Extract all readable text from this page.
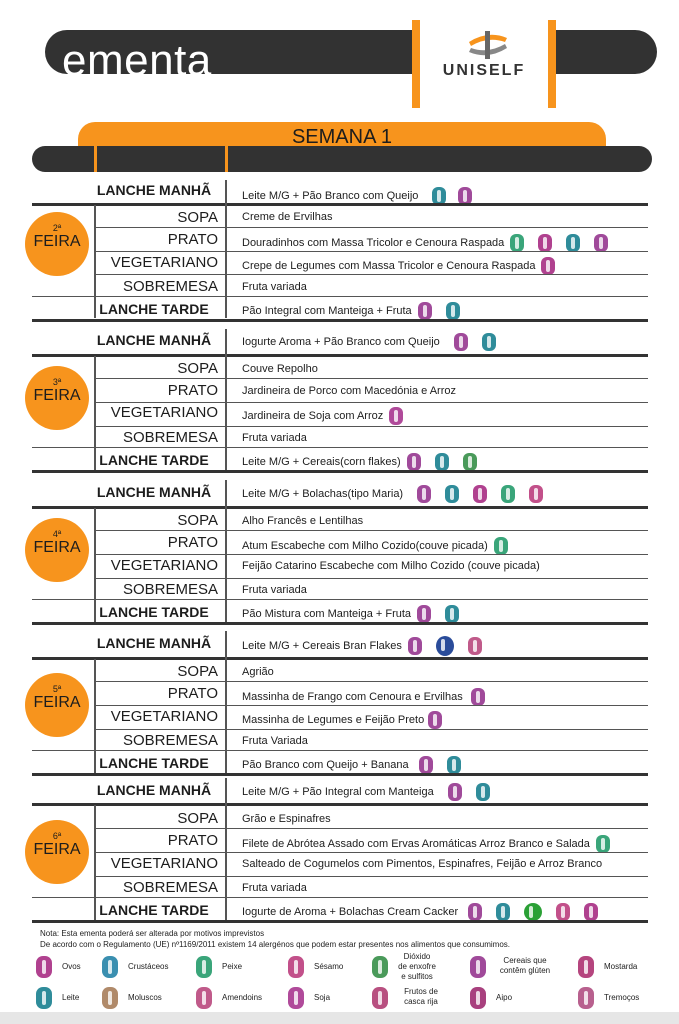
ementa	UNISELF
SEMANA 1
LANCHE MANHÃ	Leite M/G + Pão Branco com Queijo
SOPA Creme de Ervilhas
PRATO Douradinhos com Massa Tricolor e Cenoura Raspada
VEGETARIANO Crepe de Legumes com Massa Tricolor e Cenoura Raspada
SOBREMESA Fruta variada
LANCHE TARDE	Pão Integral com Manteiga + Fruta
2ª
FEIRA
LANCHE MANHÃ	Iogurte Aroma + Pão Branco com Queijo
SOPA Couve Repolho
PRATO Jardineira de Porco com Macedónia e Arroz
VEGETARIANO Jardineira de Soja com Arroz
SOBREMESA Fruta variada
LANCHE TARDE	Leite M/G + Cereais(corn flakes)
3ª
FEIRA
LANCHE MANHÃ	Leite M/G + Bolachas(tipo Maria)
SOPA Alho Francês e Lentilhas
PRATO Atum Escabeche com Milho Cozido(couve picada)
VEGETARIANO Feijão Catarino Escabeche com Milho Cozido (couve picada)
SOBREMESA Fruta variada
LANCHE TARDE	Pão Mistura com Manteiga + Fruta
4ª
FEIRA
LANCHE MANHÃ	Leite M/G + Cereais Bran Flakes
SOPA Agrião
PRATO Massinha de Frango com Cenoura e Ervilhas
VEGETARIANO Massinha de Legumes e Feijão Preto
SOBREMESA Fruta Variada
LANCHE TARDE	Pão Branco com Queijo + Banana
5ª
FEIRA
LANCHE MANHÃ	Leite M/G + Pão Integral com Manteiga
SOPA Grão e Espinafres
PRATO Filete de Abrótea Assado com Ervas Aromáticas Arroz Branco e Salada
VEGETARIANO Salteado de Cogumelos com Pimentos, Espinafres, Feijão e Arroz Branco
SOBREMESA Fruta variada
LANCHE TARDE	Iogurte de Aroma + Bolachas Cream Cacker
6ª
FEIRA
Nota: Esta ementa poderá ser alterada por motivos imprevistos
De acordo com o Regulamento (UE) nº1169/2011 existem 14 alergénos que podem estar presentes nos alimentos que consumimos.
Ovos	Crustáceos	Peixe	Sésamo
Dióxido
de enxofre
e sulfitos
Cereais que
contêm glúten	Mostarda
Leite	Moluscos	Amendoins	Soja
Frutos de
casca rija	Aipo	Tremoços
